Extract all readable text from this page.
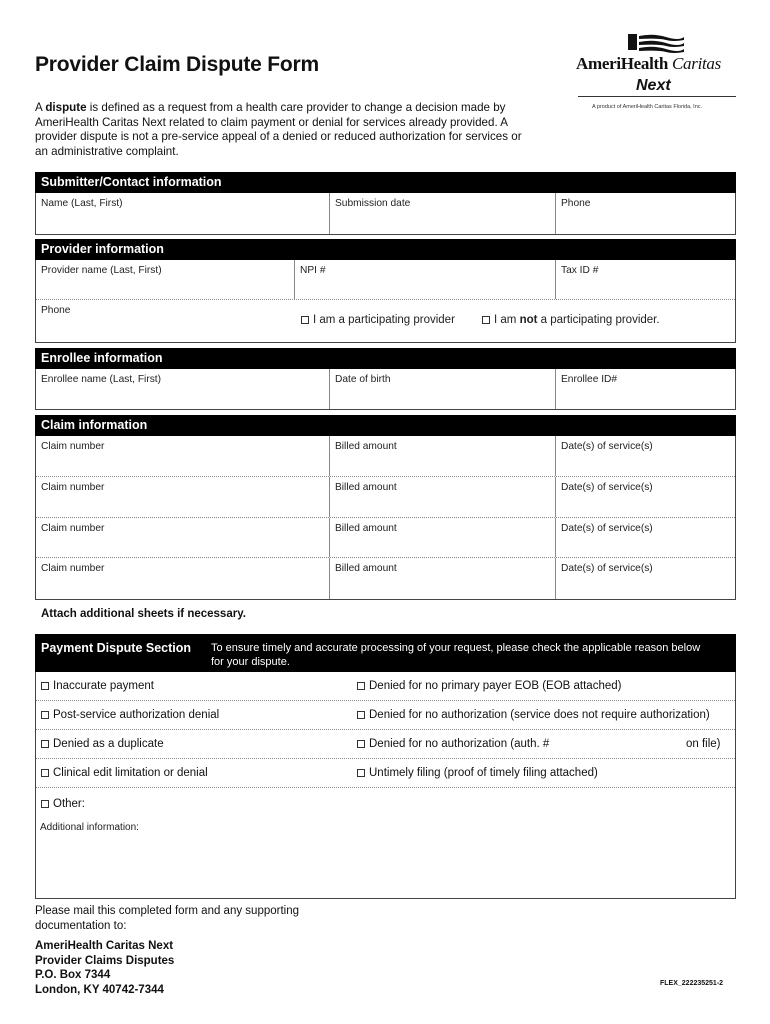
Provider Claim Dispute Form	AmeriHealth Caritas
Next
A product of AmeriHealth Caritas Florida, Inc.
A dispute is defined as a request from a health care provider to change a decision made by AmeriHealth Caritas Next related to claim payment or denial for services already provided. A provider dispute is not a pre-service appeal of a denied or reduced authorization for services or an administrative complaint.
Submitter/Contact information
Name (Last, First)	Submission date	Phone
Provider information
Provider name (Last, First)	NPI #	Tax ID #
Phone
I am a participating provider	I am not a participating provider.
Enrollee information
Enrollee name (Last, First)	Date of birth	Enrollee ID#
Claim information
Claim number	Billed amount	Date(s) of service(s)
Claim number	Billed amount	Date(s) of service(s)
Claim number	Billed amount	Date(s) of service(s)
Claim number	Billed amount	Date(s) of service(s)
Attach additional sheets if necessary.
Payment Dispute Section To ensure timely and accurate processing of your request, please check the applicable reason below for your dispute.
Inaccurate payment	Denied for no primary payer EOB (EOB attached)
Post-service authorization denial	Denied for no authorization (service does not require authorization)
Denied as a duplicate	Denied for no authorization (auth. #	on file)
Clinical edit limitation or denial	Untimely filing (proof of timely filing attached)
Other:
Additional information:
Please mail this completed form and any supporting documentation to:
AmeriHealth Caritas Next
Provider Claims Disputes
P.O. Box 7344
London, KY 40742-7344	FLEX_222235251-2
